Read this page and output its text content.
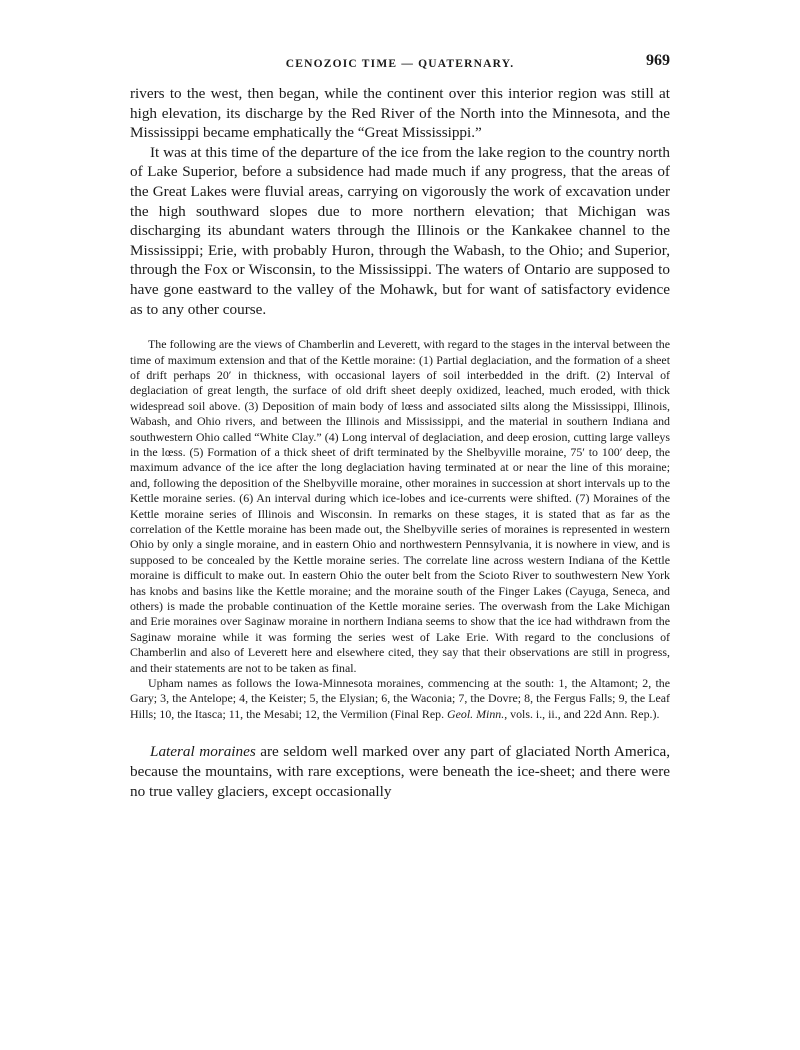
CENOZOIC TIME — QUATERNARY.	969

rivers to the west, then began, while the continent over this interior region was still at high elevation, its discharge by the Red River of the North into the Minnesota, and the Mississippi became emphatically the “Great Mississippi.”

It was at this time of the departure of the ice from the lake region to the country north of Lake Superior, before a subsidence had made much if any progress, that the areas of the Great Lakes were fluvial areas, carrying on vigorously the work of excavation under the high southward slopes due to more northern elevation; that Michigan was discharging its abundant waters through the Illinois or the Kankakee channel to the Mississippi; Erie, with probably Huron, through the Wabash, to the Ohio; and Superior, through the Fox or Wisconsin, to the Mississippi. The waters of Ontario are supposed to have gone eastward to the valley of the Mohawk, but for want of satisfactory evidence as to any other course.

The following are the views of Chamberlin and Leverett, with regard to the stages in the interval between the time of maximum extension and that of the Kettle moraine: (1) Partial deglaciation, and the formation of a sheet of drift perhaps 20′ in thickness, with occasional layers of soil interbedded in the drift. (2) Interval of deglaciation of great length, the surface of old drift sheet deeply oxidized, leached, much eroded, with thick widespread soil above. (3) Deposition of main body of lœss and associated silts along the Mississippi, Illinois, Wabash, and Ohio rivers, and between the Illinois and Mississippi, and the material in southern Indiana and southwestern Ohio called “White Clay.” (4) Long interval of deglaciation, and deep erosion, cutting large valleys in the lœss. (5) Formation of a thick sheet of drift terminated by the Shelbyville moraine, 75′ to 100′ deep, the maximum advance of the ice after the long deglaciation having terminated at or near the line of this moraine; and, following the deposition of the Shelbyville moraine, other moraines in succession at short intervals up to the Kettle moraine series. (6) An interval during which ice-lobes and ice-currents were shifted. (7) Moraines of the Kettle moraine series of Illinois and Wisconsin. In remarks on these stages, it is stated that as far as the correlation of the Kettle moraine has been made out, the Shelbyville series of moraines is represented in western Ohio by only a single moraine, and in eastern Ohio and northwestern Pennsylvania, it is nowhere in view, and is supposed to be concealed by the Kettle moraine series. The correlate line across western Indiana of the Kettle moraine is difficult to make out. In eastern Ohio the outer belt from the Scioto River to southwestern New York has knobs and basins like the Kettle moraine; and the moraine south of the Finger Lakes (Cayuga, Seneca, and others) is made the probable continuation of the Kettle moraine series. The overwash from the Lake Michigan and Erie moraines over Saginaw moraine in northern Indiana seems to show that the ice had withdrawn from the Saginaw moraine while it was forming the series west of Lake Erie. With regard to the conclusions of Chamberlin and also of Leverett here and elsewhere cited, they say that their observations are still in progress, and their statements are not to be taken as final.

Upham names as follows the Iowa-Minnesota moraines, commencing at the south: 1, the Altamont; 2, the Gary; 3, the Antelope; 4, the Keister; 5, the Elysian; 6, the Waconia; 7, the Dovre; 8, the Fergus Falls; 9, the Leaf Hills; 10, the Itasca; 11, the Mesabi; 12, the Vermilion (Final Rep. Geol. Minn., vols. i., ii., and 22d Ann. Rep.).

Lateral moraines are seldom well marked over any part of glaciated North America, because the mountains, with rare exceptions, were beneath the ice-sheet; and there were no true valley glaciers, except occasionally
